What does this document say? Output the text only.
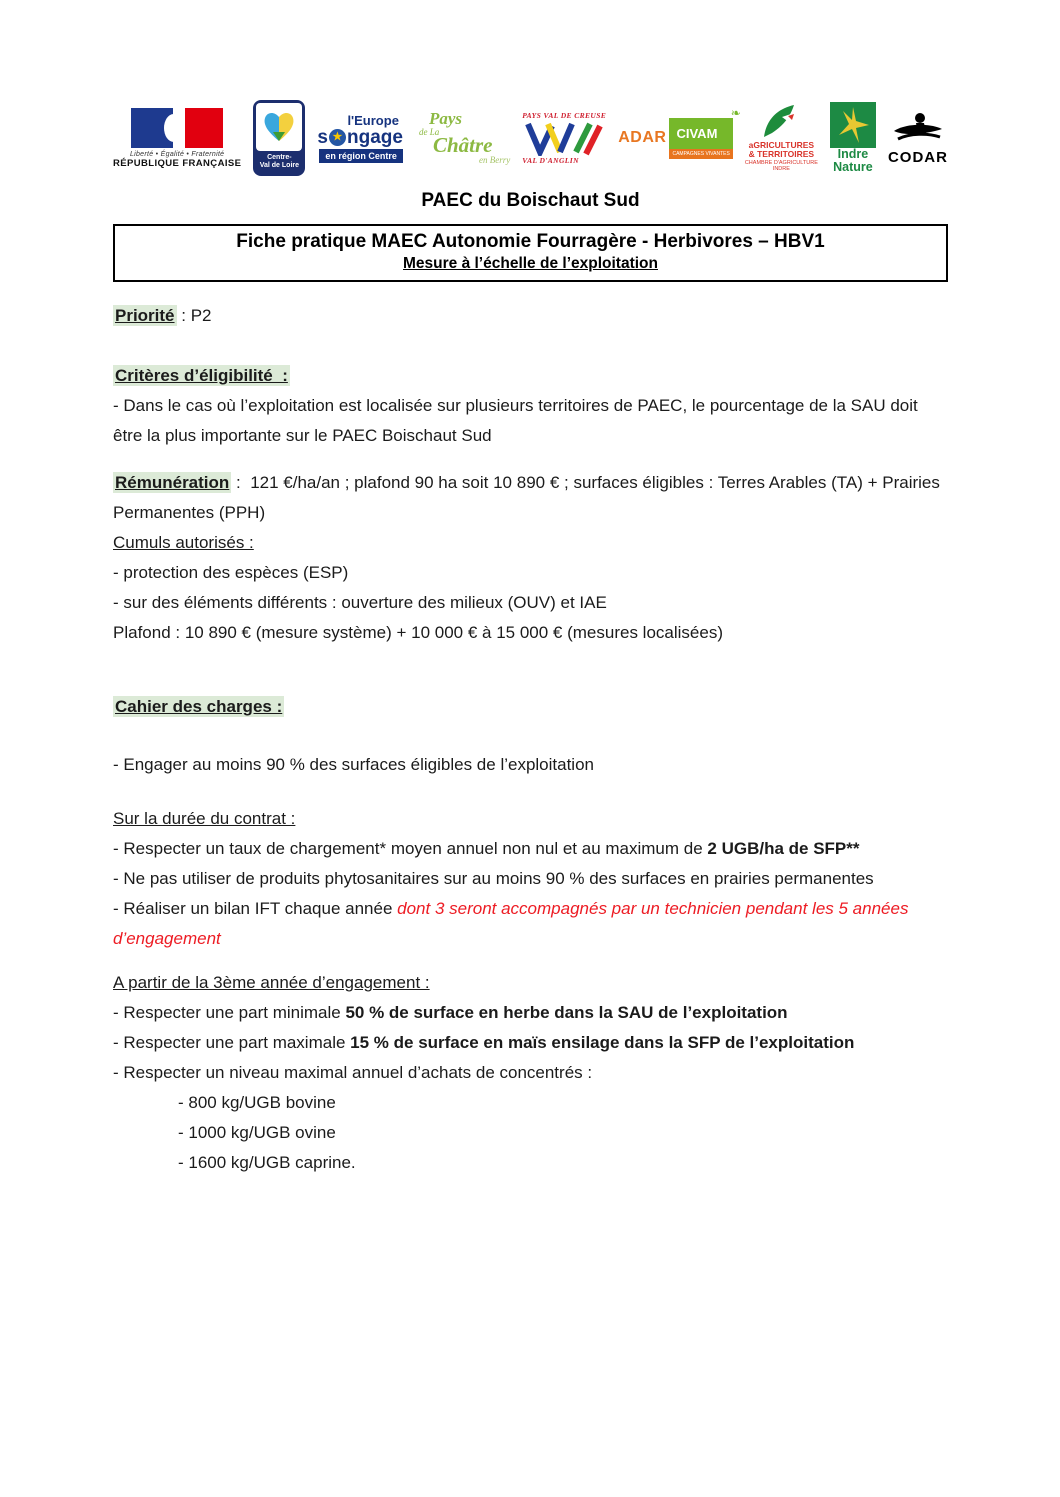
Liberté • Égalité • Fraternité
RÉPUBLIQUE FRANÇAISE	Centre-
Val de Loire
l'Europe
s ★ ngage
en région Centre
Pays
de La
Châtre
en Berry
PAYS VAL DE CREUSE
VAL D'ANGLIN
ADAR
❧
CIVAM
CAMPAGNES VIVANTES
aGRICULTURES
& TERRITOIRES
CHAMBRE D'AGRICULTURE
INDRE
Indre
Nature
CODAR
PAEC du Boischaut Sud
Fiche pratique MAEC Autonomie Fourragère - Herbivores – HBV1
Mesure à l’échelle de l’exploitation

Priorité : P2

Critères d’éligibilité  :

- Dans le cas où l’exploitation est localisée sur plusieurs territoires de PAEC, le pourcentage de la SAU doit être la plus importante sur le PAEC Boischaut Sud

Rémunération :  121 €/ha/an ; plafond 90 ha soit 10 890 € ; surfaces éligibles : Terres Arables (TA) + Prairies Permanentes (PPH)

Cumuls autorisés :

- protection des espèces (ESP)

- sur des éléments différents : ouverture des milieux (OUV) et IAE

Plafond : 10 890 € (mesure système) + 10 000 € à 15 000 € (mesures localisées)

Cahier des charges :

- Engager au moins 90 % des surfaces éligibles de l’exploitation

Sur la durée du contrat :

- Respecter un taux de chargement* moyen annuel non nul et au maximum de 2 UGB/ha de SFP**

- Ne pas utiliser de produits phytosanitaires sur au moins 90 % des surfaces en prairies permanentes

- Réaliser un bilan IFT chaque année dont 3 seront accompagnés par un technicien pendant les 5 années d’engagement

A partir de la 3ème année d’engagement :

- Respecter une part minimale 50 % de surface en herbe dans la SAU de l’exploitation

- Respecter une part maximale 15 % de surface en maïs ensilage dans la SFP de l’exploitation

- Respecter un niveau maximal annuel d’achats de concentrés :

- 800 kg/UGB bovine

- 1000 kg/UGB ovine

- 1600 kg/UGB caprine.
